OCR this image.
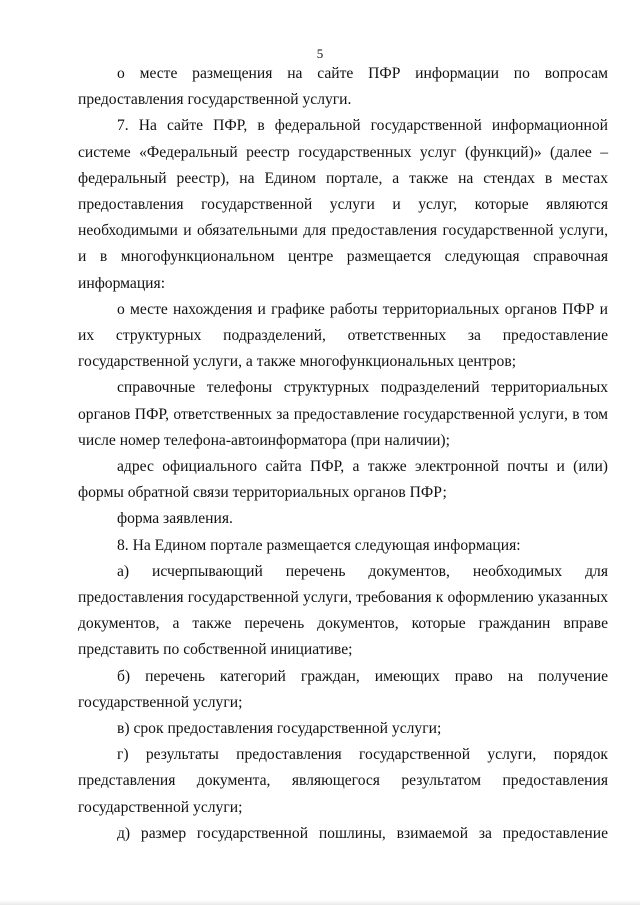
5

о месте размещения на сайте ПФР информации по вопросам предоставления государственной услуги.

7. На сайте ПФР, в федеральной государственной информационной системе «Федеральный реестр государственных услуг (функций)» (далее – федеральный реестр), на Едином портале, а также на стендах в местах предоставления государственной услуги и услуг, которые являются необходимыми и обязательными для предоставления государственной услуги, и в многофункциональном центре размещается следующая справочная информация:

о месте нахождения и графике работы территориальных органов ПФР и их структурных подразделений, ответственных за предоставление государственной услуги, а также многофункциональных центров;

справочные телефоны структурных подразделений территориальных органов ПФР, ответственных за предоставление государственной услуги, в том числе номер телефона-автоинформатора (при наличии);

адрес официального сайта ПФР, а также электронной почты и (или) формы обратной связи территориальных органов ПФР;

форма заявления.

8. На Едином портале размещается следующая информация:

а) исчерпывающий перечень документов, необходимых для предоставления государственной услуги, требования к оформлению указанных документов, а также перечень документов, которые гражданин вправе представить по собственной инициативе;

б) перечень категорий граждан, имеющих право на получение государственной услуги;

в) срок предоставления государственной услуги;

г) результаты предоставления государственной услуги, порядок представления документа, являющегося результатом предоставления государственной услуги;

д) размер государственной пошлины, взимаемой за предоставление
